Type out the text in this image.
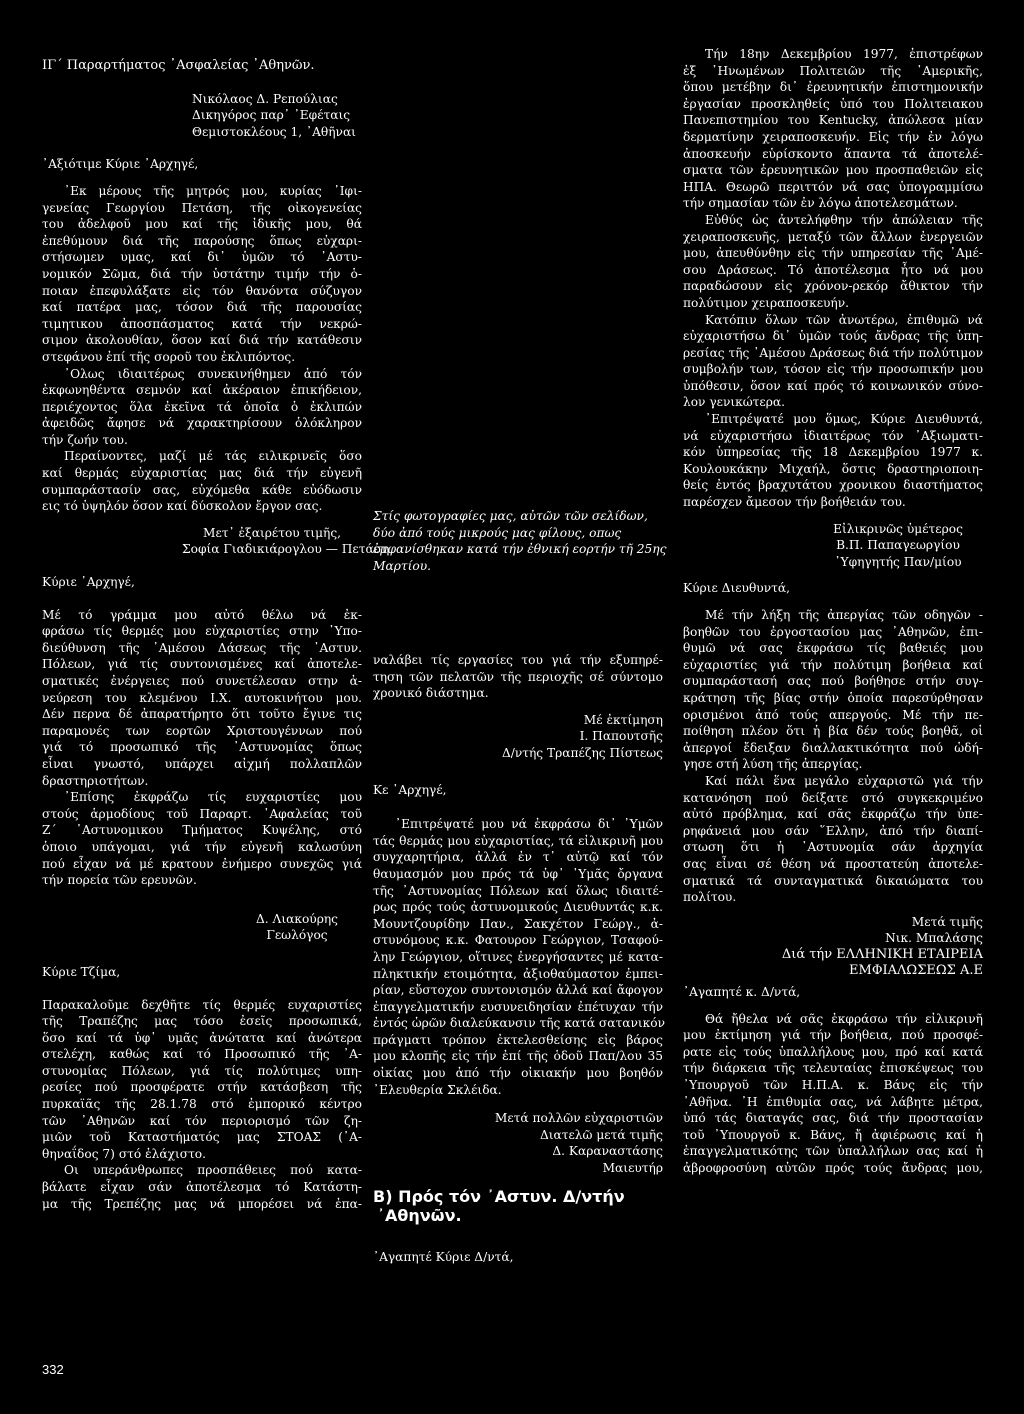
ΙΓ΄ Παραρτήματος ᾿Ασφαλείας ᾿Αθηνῶν.
Νικόλαος Δ. Ρεπούλιας
Δικηγόρος παρ᾿ ᾿Εφέταις
Θεμιστοκλέους 1, ᾿Αθῆναι
᾿Αξιότιμε Κύριε ᾿Αρχηγέ,
᾿Εκ μέρους τῆς μητρός μου, κυρίας ᾿Ιφι-
γενείας Γεωργίου Πετάση, τῆς οἰκογενείας
του ἀδελφοῦ μου καί τῆς ἰδικῆς μου, θά
ἐπεθύμουν διά τῆς παρούσης ὅπως εὐχαρι-
στήσωμεν υμας, καί δι᾿ ὑμῶν τό ᾿Αστυ-
νομικόν Σῶμα, διά τήν ὑστάτην τιμήν τήν ὁ-
ποιαν ἐπεφυλάξατε εἰς τόν θανόντα σύζυγον
καί πατέρα μας, τόσον διά τῆς παρουσίας
τιμητικου ἀποσπάσματος κατά τήν νεκρώ-
σιμον ἀκολουθίαν, ὅσον καί διά τήν κατάθεσιν
στεφάνου ἐπί τῆς σοροῦ του ἐκλιπόντος.
᾿Ολως ιδιαιτέρως συνεκινήθημεν ἀπό τόν
ἐκφωνηθέντα σεμνόν καί ἀκέραιον ἐπικήδειον,
περιέχοντος ὅλα ἐκεῖνα τά ὁποῖα ὁ ἐκλιπών
ἀφειδῶς ἄφησε νά χαρακτηρίσουν ὁλόκληρον
τήν ζωήν του.
Περαίνοντες, μαζί μέ τάς ειλικρινεῖς ὅσο
καί θερμάς εὐχαριστίας μας διά τήν εὐγενῆ
συμπαράστασίν σας, εὐχόμεθα κάθε εὐόδωσιν
εις τό ὑψηλόν ὅσον καί δύσκολον ἔργον σας.
Μετ᾿ ἐξαιρέτου τιμῆς,
Σοφία Γιαδικιάρογλου — Πετάση
Κύριε ᾿Αρχηγέ,
Μέ τό γράμμα μου αὐτό θέλω νά ἐκ-
φράσω τίς θερμές μου εὐχαριστίες στην ᾿Υπο-
διεύθυνση τῆς ᾿Αμέσου Δάσεως τῆς ᾿Αστυν.
Πόλεων, γιά τίς συντονισμένες καί ἀποτελε-
σματικές ἐνέργειες πού συνετέλεσαν στην ἀ-
νεύρεση του κλεμένου Ι.Χ. αυτοκινήτου μου.
Δέν περνα δέ ἀπαρατήρητο ὅτι τοῦτο ἔγινε τις
παραμονές των εορτῶν Χριστουγέννων πού
γιά τό προσωπικό τῆς ᾿Αστυνομίας ὅπως
εἶναι γνωστό, υπάρχει αἰχμή πολλαπλῶν
δραστηριοτήτων.
᾿Επίσης ἐκφράζω τίς ευχαριστίες μου
στούς ἁρμοδίους τοῦ Παραρτ. ᾿Αφαλείας τοῦ
Ζ΄ ᾿Αστυνομικου Τμήματος Κυψέλης, στό
ὁποιο υπάγομαι, γιά τήν εὐγενῆ καλωσύνη
πού εἶχαν νά μέ κρατουν ἐνήμερο συνεχῶς γιά
τήν πορεία τῶν ερευνῶν.
Δ. Λιακούρης
Γεωλόγος
Κύριε Τζίμα,
Παρακαλοῦμε δεχθῆτε τίς θερμές ευχαριστίες
τῆς Τραπέζης μας τόσο ἐσεῖς προσωπικά,
ὅσο καί τά ὑφ᾿ υμᾶς ἀνώτατα καί ἀνώτερα
στελέχη, καθώς καί τό Προσωπικό τῆς ᾿Α-
στυνομίας Πόλεων, γιά τίς πολύτιμες υπη-
ρεσίες πού προσφέρατε στήν κατάσβεση τῆς
πυρκαϊᾶς τῆς 28.1.78 στό ἐμπορικό κέντρο
τῶν ᾿Αθηνῶν καί τόν περιορισμό τῶν ζη-
μιῶν τοῦ Καταστήματός μας ΣΤΟΑΣ (᾿Α-
θηναΐδος 7) στό ἐλάχιστο.
Οι υπεράνθρωπες προσπάθειες πού κατα-
βάλατε εἶχαν σάν ἀποτέλεσμα τό Κατάστη-
μα τῆς Τρεπέζης μας νά μπορέσει νά ἐπα-
Στίς φωτογραφίες μας, αὐτῶν τῶν σελίδων,
δύο ἀπό τούς μικρούς μας φίλους, οπως
ἐμφανίσθηκαν κατά τήν ἐθνική εορτήν τῆ 25ης
Μαρτίου.
ναλάβει τίς εργασίες του γιά τήν εξυπηρέ-
τηση τῶν πελατῶν τῆς περιοχῆς σέ σύντομο
χρονικό διάστημα.
Μέ ἐκτίμηση
Ι. Παπουτσῆς
Δ/ντής Τραπέζης Πίστεως
Κε ᾿Αρχηγέ,
᾿Επιτρέψατέ μου νά ἐκφράσω δι᾿ ᾿Υμῶν
τάς θερμάς μου εὐχαριστίας, τά εἰλικρινῆ μου
συγχαρητήρια, ἀλλά ἐν τ᾿ αὐτῷ καί τόν
θαυμασμόν μου πρός τά ὑφ᾿ ᾿Υμᾶς ὄργανα
τῆς ᾿Αστυνομίας Πόλεων καί ὅλως ιδιαιτέ-
ρως πρός τούς ἀστυνομικούς Διευθυντάς κ.κ.
Μουντζουρίδην Παν., Σακχέτον Γεώργ., ἀ-
στυνόμους κ.κ. Φατουρον Γεώργιον, Τσαφού-
λην Γεώργιον, οἵτινες ἐνεργήσαντες μέ κατα-
πληκτικήν ετοιμότητα, ἀξιοθαύμαστον ἐμπει-
ρίαν, εὔστοχον συντονισμόν ἀλλά καί ἄφογον
ἐπαγγελματικήν ευσυνειδησίαν ἐπέτυχαν τήν
ἐντός ὡρῶν διαλεύκανσιν τῆς κατά σατανικόν
πράγματι τρόπον ἐκτελεσθείσης εἰς βάρος
μου κλοπῆς εἰς τήν ἐπί τῆς ὁδοῦ Παπ/λου 35
οἰκίας μου ἀπό τήν οἰκιακήν μου βοηθόν
᾿Ελευθερία Σκλέιδα.
Μετά πολλῶν εὐχαριστιῶν
Διατελῶ μετά τιμῆς
Δ. Καραναστάσης
Μαιευτήρ
Β) Πρός τόν ᾿Αστυν. Δ/ντήν
᾿Αθηνῶν.
᾿Αγαπητέ Κύριε Δ/ντά,
Τήν 18ην Δεκεμβρίου 1977, ἐπιστρέφων
ἐξ ᾿Ηνωμένων Πολιτειῶν τῆς ᾿Αμερικῆς,
ὅπου μετέβην δι᾿ ἐρευνητικήν ἐπιστημονικήν
ἐργασίαν προσκληθείς ὑπό του Πολιτειακου
Πανεπιστημίου του Kentucky, ἀπώλεσα μίαν
δερματίνην χειραποσκευήν. Εἰς τήν ἐν λόγω
ἀποσκευήν εὑρίσκοντο ἅπαντα τά ἀποτελέ-
σματα τῶν ἐρευνητικῶν μου προσπαθειῶν εἰς
ΗΠΑ. Θεωρῶ περιττόν νά σας ὑπογραμμίσω
τήν σημασίαν τῶν ἐν λόγω ἀποτελεσμάτων.
Εὐθύς ὡς ἀντελήφθην τήν ἀπώλειαν τῆς
χειραποσκευῆς, μεταξύ τῶν ἄλλων ἐνεργειῶν
μου, ἀπευθύνθην εἰς τήν υπηρεσίαν τῆς ᾿Αμέ-
σου Δράσεως. Τό ἀποτέλεσμα ἦτο νά μου
παραδώσουν εἰς χρόνον-ρεκόρ ἄθικτον τήν
πολύτιμον χειραποσκευήν.
Κατόπιν ὅλων τῶν ἀνωτέρω, ἐπιθυμῶ νά
εὐχαριστήσω δι᾿ ὑμῶν τούς ἄνδρας τῆς ὑπη-
ρεσίας τῆς ᾿Αμέσου Δράσεως διά τήν πολύτιμον
συμβολήν των, τόσον εἰς τήν προσωπικήν μου
ὑπόθεσιν, ὅσον καί πρός τό κοινωνικόν σύνο-
λον γενικώτερα.
᾿Επιτρέψατέ μου ὅμως, Κύριε Διευθυντά,
νά εὐχαριστήσω ἰδιαιτέρως τόν ᾿Αξιωματι-
κόν ὑπηρεσίας τῆς 18 Δεκεμβρίου 1977 κ.
Κουλουκάκην Μιχαήλ, ὅστις δραστηριοποιη-
θείς ἐντός βραχυτάτου χρονικου διαστήματος
παρέσχεν ἄμεσον τήν βοήθειάν του.
Εἰλικρινῶς ὑμέτερος
Β.Π. Παπαγεωργίου
᾿Υφηγητής Παν/μίου
Κύριε Διευθυντά,
Μέ τήν λήξη τῆς ἀπεργίας τῶν οδηγῶν -
βοηθῶν του ἐργοστασίου μας ᾿Αθηνῶν, ἐπι-
θυμῶ νά σας ἐκφράσω τίς βαθειές μου
εὐχαριστίες γιά τήν πολύτιμη βοήθεια καί
συμπαράστασή σας πού βοήθησε στήν συγ-
κράτηση τῆς βίας στήν ὁποία παρεσύρθησαν
ορισμένοι ἀπό τούς απεργούς. Μέ τήν πε-
ποίθηση πλέον ὅτι ἡ βία δέν τούς βοηθᾶ, οἱ
ἀπεργοί ἔδειξαν διαλλακτικότητα πού ὡδή-
γησε στή λύση τῆς ἀπεργίας.
Καί πάλι ἕνα μεγάλο εὐχαριστῶ γιά τήν
κατανόηση πού δείξατε στό συγκεκριμένο
αὐτό πρόβλημα, καί σᾶς ἐκφράζω τήν ὑπε-
ρηφάνειά μου σάν ῞Ελλην, ἀπό τήν διαπί-
στωση ὅτι ἡ ᾿Αστυνομία σάν ἀρχηγία
σας εἶναι σέ θέση νά προστατεύη ἀποτελε-
σματικά τά συνταγματικά δικαιώματα του
πολίτου.
Μετά τιμῆς
Νικ. Μπαλάσης
Διά τήν ΕΛΛΗΝΙΚΗ ΕΤΑΙΡΕΙΑ
ΕΜΦΙΑΛΩΣΕΩΣ Α.Ε
᾿Αγαπητέ κ. Δ/ντά,
Θά ἤθελα νά σᾶς ἐκφράσω τήν εἰλικρινῆ
μου ἐκτίμηση γιά τήν βοήθεια, πού προσφέ-
ρατε εἰς τούς ὑπαλλήλους μου, πρό καί κατά
τήν διάρκεια τῆς τελευταίας ἐπισκέψεως του
᾿Υπουργοῦ τῶν Η.Π.Α. κ. Βάνς εἰς τήν
᾿Αθῆνα. ᾿Η ἐπιθυμία σας, νά λάβητε μέτρα,
ὑπό τάς διαταγάς σας, διά τήν προστασίαν
τοῦ ᾿Υπουργοῦ κ. Βάνς, ἤ ἀφιέρωσις καί ἡ
ἐπαγγελματικότης τῶν ὑπαλλήλων σας καί ἡ
ἀβροφροσύνη αὐτῶν πρός τούς ἄνδρας μου,
332
